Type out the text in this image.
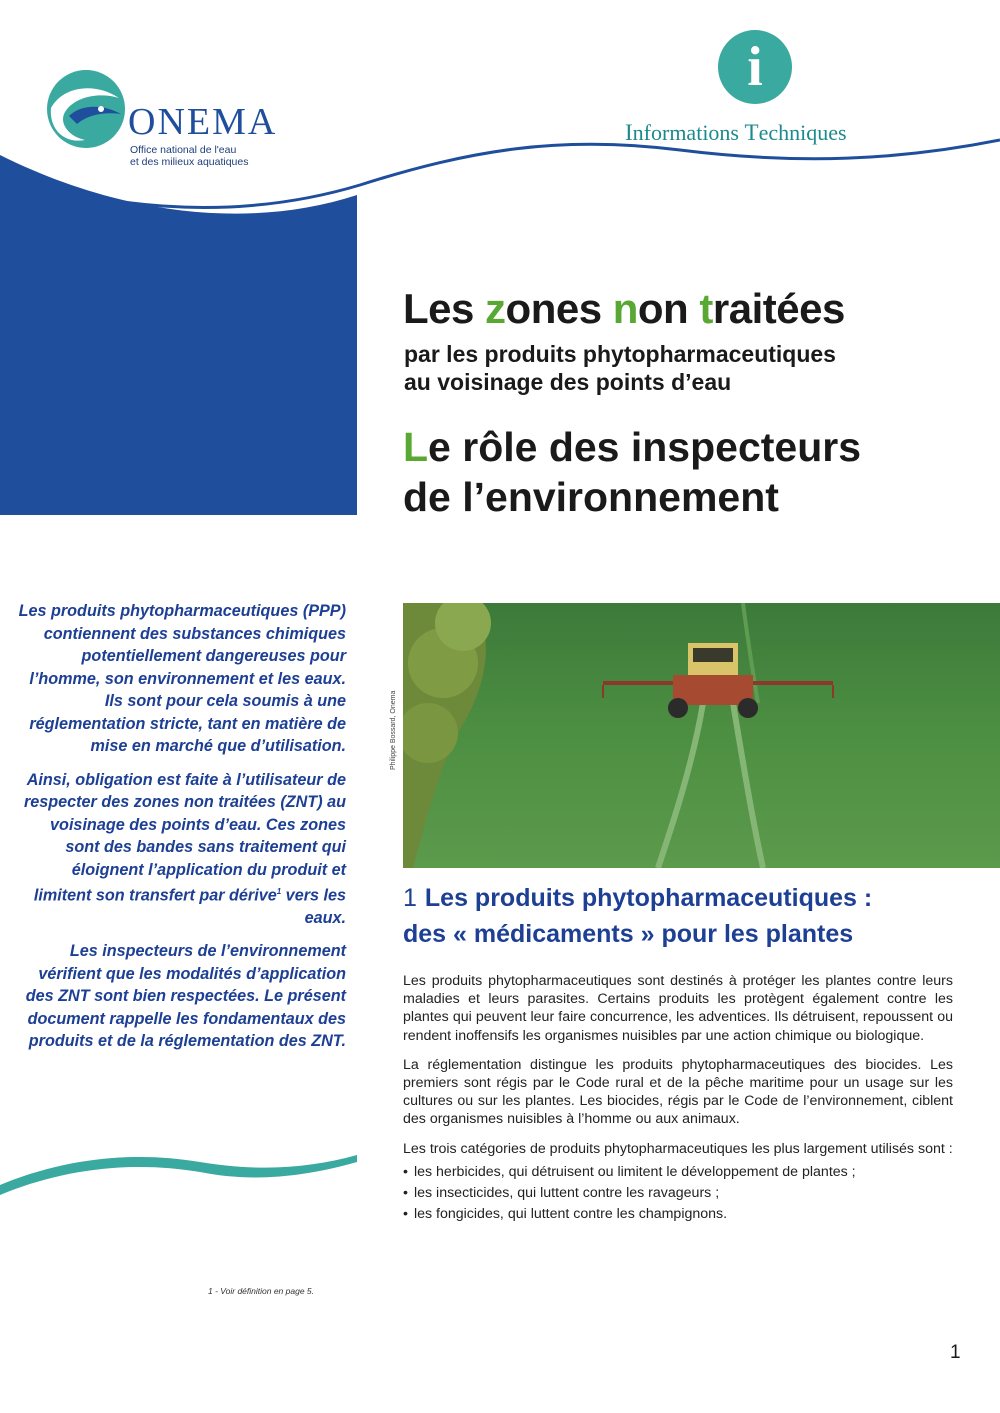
ONEMA
Office national de l'eau
et des milieux aquatiques
i
Informations Techniques
Les zones non traitées
par les produits phytopharmaceutiques
au voisinage des points d’eau
Le rôle des inspecteurs
de l’environnement

Les produits phytopharmaceutiques (PPP) contiennent des substances chimiques potentiellement dangereuses pour l’homme, son environnement et les eaux. Ils sont pour cela soumis à une réglementation stricte, tant en matière de mise en marché que d’utilisation.

Ainsi, obligation est faite à l’utilisateur de respecter des zones non traitées (ZNT) au voisinage des points d’eau. Ces zones sont des bandes sans traitement qui éloignent l’application du produit et limitent son transfert par dérive$^1$ vers les eaux.

Les inspecteurs de l’environnement vérifient que les modalités d’application des ZNT sont bien respectées. Le présent document rappelle les fondamentaux des produits et de la réglementation des ZNT.

1 - Voir définition en page 5.
Philippe Bossard, Onema
1 Les produits phytopharmaceutiques :
des « médicaments » pour les plantes

Les produits phytopharmaceutiques sont destinés à protéger les plantes contre leurs maladies et leurs parasites. Certains produits les protègent également contre les plantes qui peuvent leur faire concurrence, les adventices. Ils détruisent, repoussent ou rendent inoffensifs les organismes nuisibles par une action chimique ou biologique.

La réglementation distingue les produits phytopharmaceutiques des biocides. Les premiers sont régis par le Code rural et de la pêche maritime pour un usage sur les cultures ou sur les plantes. Les biocides, régis par le Code de l’environnement, ciblent des organismes nuisibles à l’homme ou aux animaux.

Les trois catégories de produits phytopharmaceutiques les plus largement utilisés sont :

• les herbicides, qui détruisent ou limitent le développement de plantes ;
• les insecticides, qui luttent contre les ravageurs ;
• les fongicides, qui luttent contre les champignons.
1
